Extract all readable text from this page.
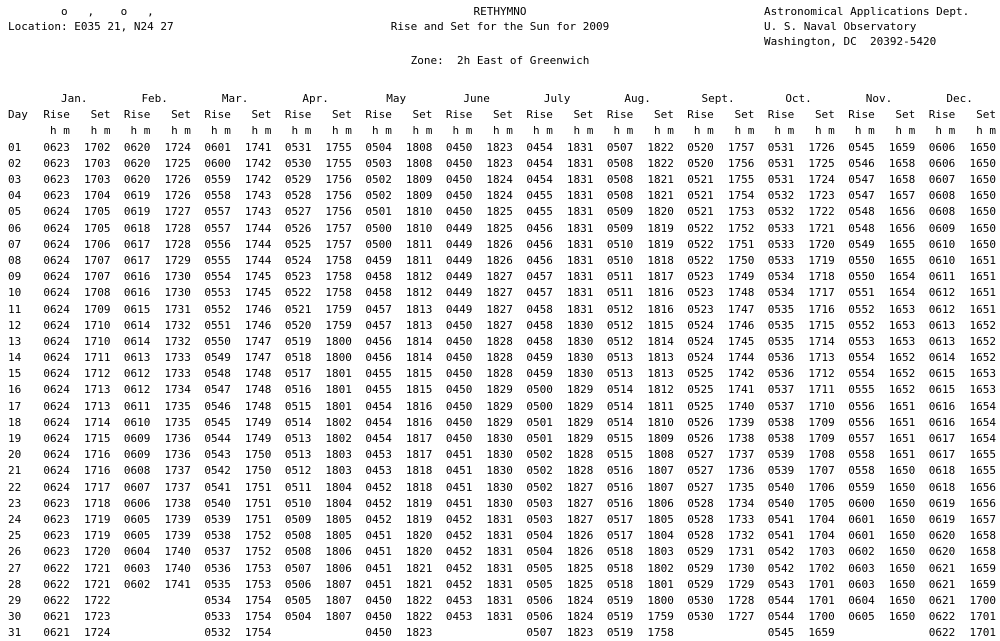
o   ,    o   ,
Location: E035 21, N24 27
RETHYMNO
Rise and Set for the Sun for 2009
Astronomical Applications Dept.
U. S. Naval Observatory
Washington, DC  20392-5420
Zone:  2h East of Greenwich
	Jan.		Feb.		Mar.		Apr.		May		June		July		Aug.		Sept.		Oct.		Nov.		Dec.	
Day	Rise	Set	Rise	Set	Rise	Set	Rise	Set	Rise	Set	Rise	Set	Rise	Set	Rise	Set	Rise	Set	Rise	Set	Rise	Set	Rise	Set
	h m	h m	h m	h m	h m	h m	h m	h m	h m	h m	h m	h m	h m	h m	h m	h m	h m	h m	h m	h m	h m	h m	h m	h m
01	0623	1702	0620	1724	0601	1741	0531	1755	0504	1808	0450	1823	0454	1831	0507	1822	0520	1757	0531	1726	0545	1659	0606	1650
02	0623	1703	0620	1725	0600	1742	0530	1755	0503	1808	0450	1823	0454	1831	0508	1822	0520	1756	0531	1725	0546	1658	0606	1650
03	0623	1703	0620	1726	0559	1742	0529	1756	0502	1809	0450	1824	0454	1831	0508	1821	0521	1755	0531	1724	0547	1658	0607	1650
04	0623	1704	0619	1726	0558	1743	0528	1756	0502	1809	0450	1824	0455	1831	0508	1821	0521	1754	0532	1723	0547	1657	0608	1650
05	0624	1705	0619	1727	0557	1743	0527	1756	0501	1810	0450	1825	0455	1831	0509	1820	0521	1753	0532	1722	0548	1656	0608	1650
06	0624	1705	0618	1728	0557	1744	0526	1757	0500	1810	0449	1825	0456	1831	0509	1819	0522	1752	0533	1721	0548	1656	0609	1650
07	0624	1706	0617	1728	0556	1744	0525	1757	0500	1811	0449	1826	0456	1831	0510	1819	0522	1751	0533	1720	0549	1655	0610	1650
08	0624	1707	0617	1729	0555	1744	0524	1758	0459	1811	0449	1826	0456	1831	0510	1818	0522	1750	0533	1719	0550	1655	0610	1651
09	0624	1707	0616	1730	0554	1745	0523	1758	0458	1812	0449	1827	0457	1831	0511	1817	0523	1749	0534	1718	0550	1654	0611	1651
10	0624	1708	0616	1730	0553	1745	0522	1758	0458	1812	0449	1827	0457	1831	0511	1816	0523	1748	0534	1717	0551	1654	0612	1651
11	0624	1709	0615	1731	0552	1746	0521	1759	0457	1813	0449	1827	0458	1831	0512	1816	0523	1747	0535	1716	0552	1653	0612	1651
12	0624	1710	0614	1732	0551	1746	0520	1759	0457	1813	0450	1827	0458	1830	0512	1815	0524	1746	0535	1715	0552	1653	0613	1652
13	0624	1710	0614	1732	0550	1747	0519	1800	0456	1814	0450	1828	0458	1830	0512	1814	0524	1745	0535	1714	0553	1653	0613	1652
14	0624	1711	0613	1733	0549	1747	0518	1800	0456	1814	0450	1828	0459	1830	0513	1813	0524	1744	0536	1713	0554	1652	0614	1652
15	0624	1712	0612	1733	0548	1748	0517	1801	0455	1815	0450	1828	0459	1830	0513	1813	0525	1742	0536	1712	0554	1652	0615	1653
16	0624	1713	0612	1734	0547	1748	0516	1801	0455	1815	0450	1829	0500	1829	0514	1812	0525	1741	0537	1711	0555	1652	0615	1653
17	0624	1713	0611	1735	0546	1748	0515	1801	0454	1816	0450	1829	0500	1829	0514	1811	0525	1740	0537	1710	0556	1651	0616	1654
18	0624	1714	0610	1735	0545	1749	0514	1802	0454	1816	0450	1829	0501	1829	0514	1810	0526	1739	0538	1709	0556	1651	0616	1654
19	0624	1715	0609	1736	0544	1749	0513	1802	0454	1817	0450	1830	0501	1829	0515	1809	0526	1738	0538	1709	0557	1651	0617	1654
20	0624	1716	0609	1736	0543	1750	0513	1803	0453	1817	0451	1830	0502	1828	0515	1808	0527	1737	0539	1708	0558	1651	0617	1655
21	0624	1716	0608	1737	0542	1750	0512	1803	0453	1818	0451	1830	0502	1828	0516	1807	0527	1736	0539	1707	0558	1650	0618	1655
22	0624	1717	0607	1737	0541	1751	0511	1804	0452	1818	0451	1830	0502	1827	0516	1807	0527	1735	0540	1706	0559	1650	0618	1656
23	0623	1718	0606	1738	0540	1751	0510	1804	0452	1819	0451	1830	0503	1827	0516	1806	0528	1734	0540	1705	0600	1650	0619	1656
24	0623	1719	0605	1739	0539	1751	0509	1805	0452	1819	0452	1831	0503	1827	0517	1805	0528	1733	0541	1704	0601	1650	0619	1657
25	0623	1719	0605	1739	0538	1752	0508	1805	0451	1820	0452	1831	0504	1826	0517	1804	0528	1732	0541	1704	0601	1650	0620	1658
26	0623	1720	0604	1740	0537	1752	0508	1806	0451	1820	0452	1831	0504	1826	0518	1803	0529	1731	0542	1703	0602	1650	0620	1658
27	0622	1721	0603	1740	0536	1753	0507	1806	0451	1821	0452	1831	0505	1825	0518	1802	0529	1730	0542	1702	0603	1650	0621	1659
28	0622	1721	0602	1741	0535	1753	0506	1807	0451	1821	0452	1831	0505	1825	0518	1801	0529	1729	0543	1701	0603	1650	0621	1659
29	0622	1722			0534	1754	0505	1807	0450	1822	0453	1831	0506	1824	0519	1800	0530	1728	0544	1701	0604	1650	0621	1700
30	0621	1723			0533	1754	0504	1807	0450	1822	0453	1831	0506	1824	0519	1759	0530	1727	0544	1700	0605	1650	0622	1701
31	0621	1724			0532	1754			0450	1823			0507	1823	0519	1758			0545	1659			0622	1701
